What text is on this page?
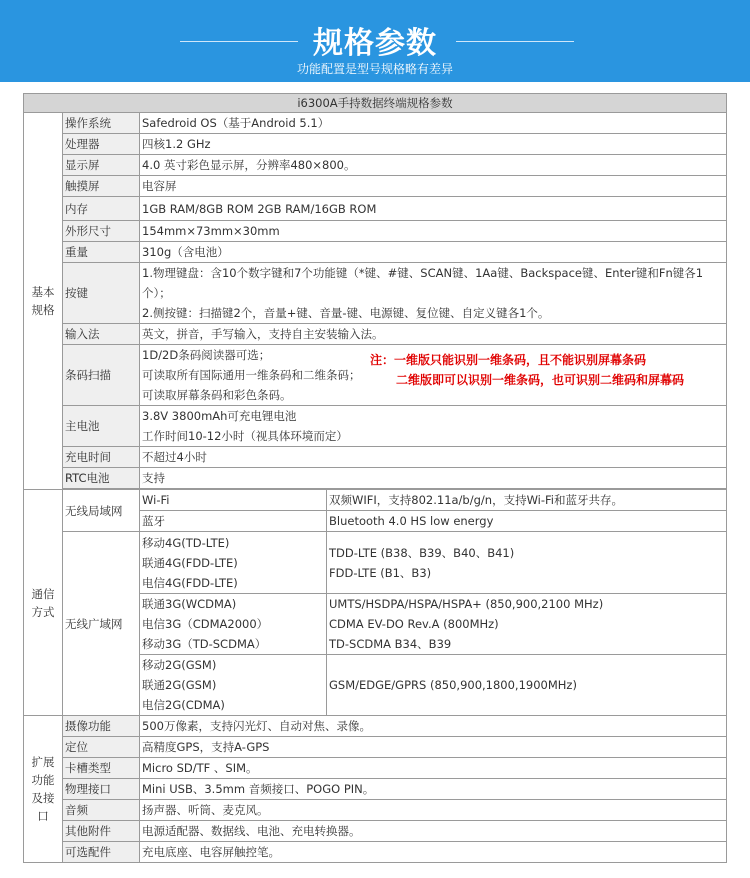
规格参数
功能配置是型号规格略有差异
i6300A手持数据终端规格参数			
基本规格	操作系统	Safedroid OS（基于Android 5.1）	
	处理器	四核1.2 GHz	
	显示屏	4.0 英寸彩色显示屏，分辨率480×800。	
	触摸屏	电容屏	
	内存	1GB RAM/8GB ROM 2GB RAM/16GB ROM	
	外形尺寸	154mm×73mm×30mm	
	重量	310g（含电池）	
	按键	1.物理键盘：含10个数字键和7个功能键（*键、#键、SCAN键、1Aa键、Backspace键、Enter键和Fn键各1
个）；
2.侧按键：扫描键2个，音量+键、音量-键、电源键、复位键、自定义键各1个。	

	输入法	英文，拼音，手写输入，支持自主安装输入法。	
	条码扫描	1D/2D条码阅读器可选；
可读取所有国际通用一维条码和二维条码；
可读取屏幕条码和彩色条码。
注：一维版只能识别一维条码，且不能识别屏幕条码
二维版即可以识别一维条码，也可识别二维码和屏幕码	

	主电池	3.8V 3800mAh可充电锂电池
工作时间10-12小时（视具体环境而定）	

	充电时间	不超过4小时	
	RTC电池	支持	

通信方式	无线局域网	Wi-Fi	双频WIFI，支持802.11a/b/g/n，支持Wi-Fi和蓝牙共存。
		蓝牙	Bluetooth 4.0 HS low energy
	无线广域网	移动4G(TD-LTE)
联通4G(FDD-LTE)
电信4G(FDD-LTE)	TDD-LTE (B38、B39、B40、B41)
FDD-LTE (B1、B3)

		联通3G(WCDMA)
电信3G（CDMA2000）
移动3G（TD-SCDMA）	UMTS/HSDPA/HSPA/HSPA+ (850,900,2100 MHz)
CDMA EV-DO Rev.A (800MHz)
TD-SCDMA B34、B39

		移动2G(GSM)
联通2G(GSM)
电信2G(CDMA)	GSM/EDGE/GPRS (850,900,1800,1900MHz)
扩展功能及接口	摄像功能	500万像素，支持闪光灯、自动对焦、录像。	
	定位	高精度GPS，支持A-GPS	
	卡槽类型	Micro SD/TF 、SIM。	
	物理接口	Mini USB、3.5mm 音频接口、POGO PIN。	
	音频	扬声器、听筒、麦克风。	
	其他附件	电源适配器、数据线、电池、充电转换器。	
	可选配件	充电底座、电容屏触控笔。	
